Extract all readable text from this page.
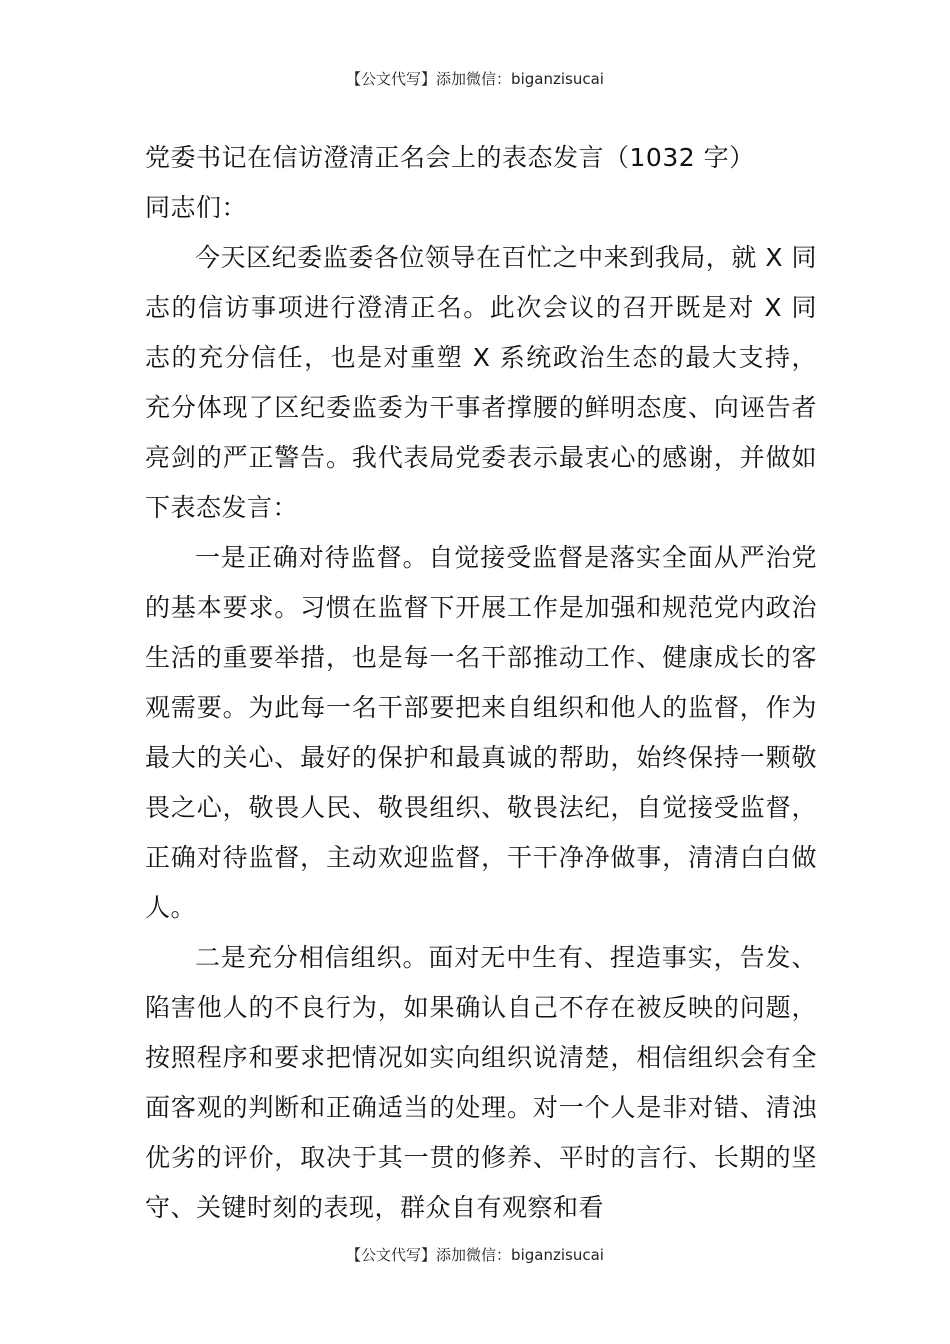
【公文代写】添加微信：biganzisucai

党委书记在信访澄清正名会上的表态发言（1032 字）

同志们：

今天区纪委监委各位领导在百忙之中来到我局，就 X 同志的信访事项进行澄清正名。此次会议的召开既是对 X 同志的充分信任，也是对重塑 X 系统政治生态的最大支持，充分体现了区纪委监委为干事者撑腰的鲜明态度、向诬告者亮剑的严正警告。我代表局党委表示最衷心的感谢，并做如下表态发言：

一是正确对待监督。自觉接受监督是落实全面从严治党的基本要求。习惯在监督下开展工作是加强和规范党内政治生活的重要举措，也是每一名干部推动工作、健康成长的客观需要。为此每一名干部要把来自组织和他人的监督，作为最大的关心、最好的保护和最真诚的帮助，始终保持一颗敬畏之心，敬畏人民、敬畏组织、敬畏法纪，自觉接受监督，正确对待监督，主动欢迎监督，干干净净做事，清清白白做人。

二是充分相信组织。面对无中生有、捏造事实，告发、陷害他人的不良行为，如果确认自己不存在被反映的问题，按照程序和要求把情况如实向组织说清楚，相信组织会有全面客观的判断和正确适当的处理。对一个人是非对错、清浊优劣的评价，取决于其一贯的修养、平时的言行、长期的坚守、关键时刻的表现，群众自有观察和看

【公文代写】添加微信：biganzisucai
